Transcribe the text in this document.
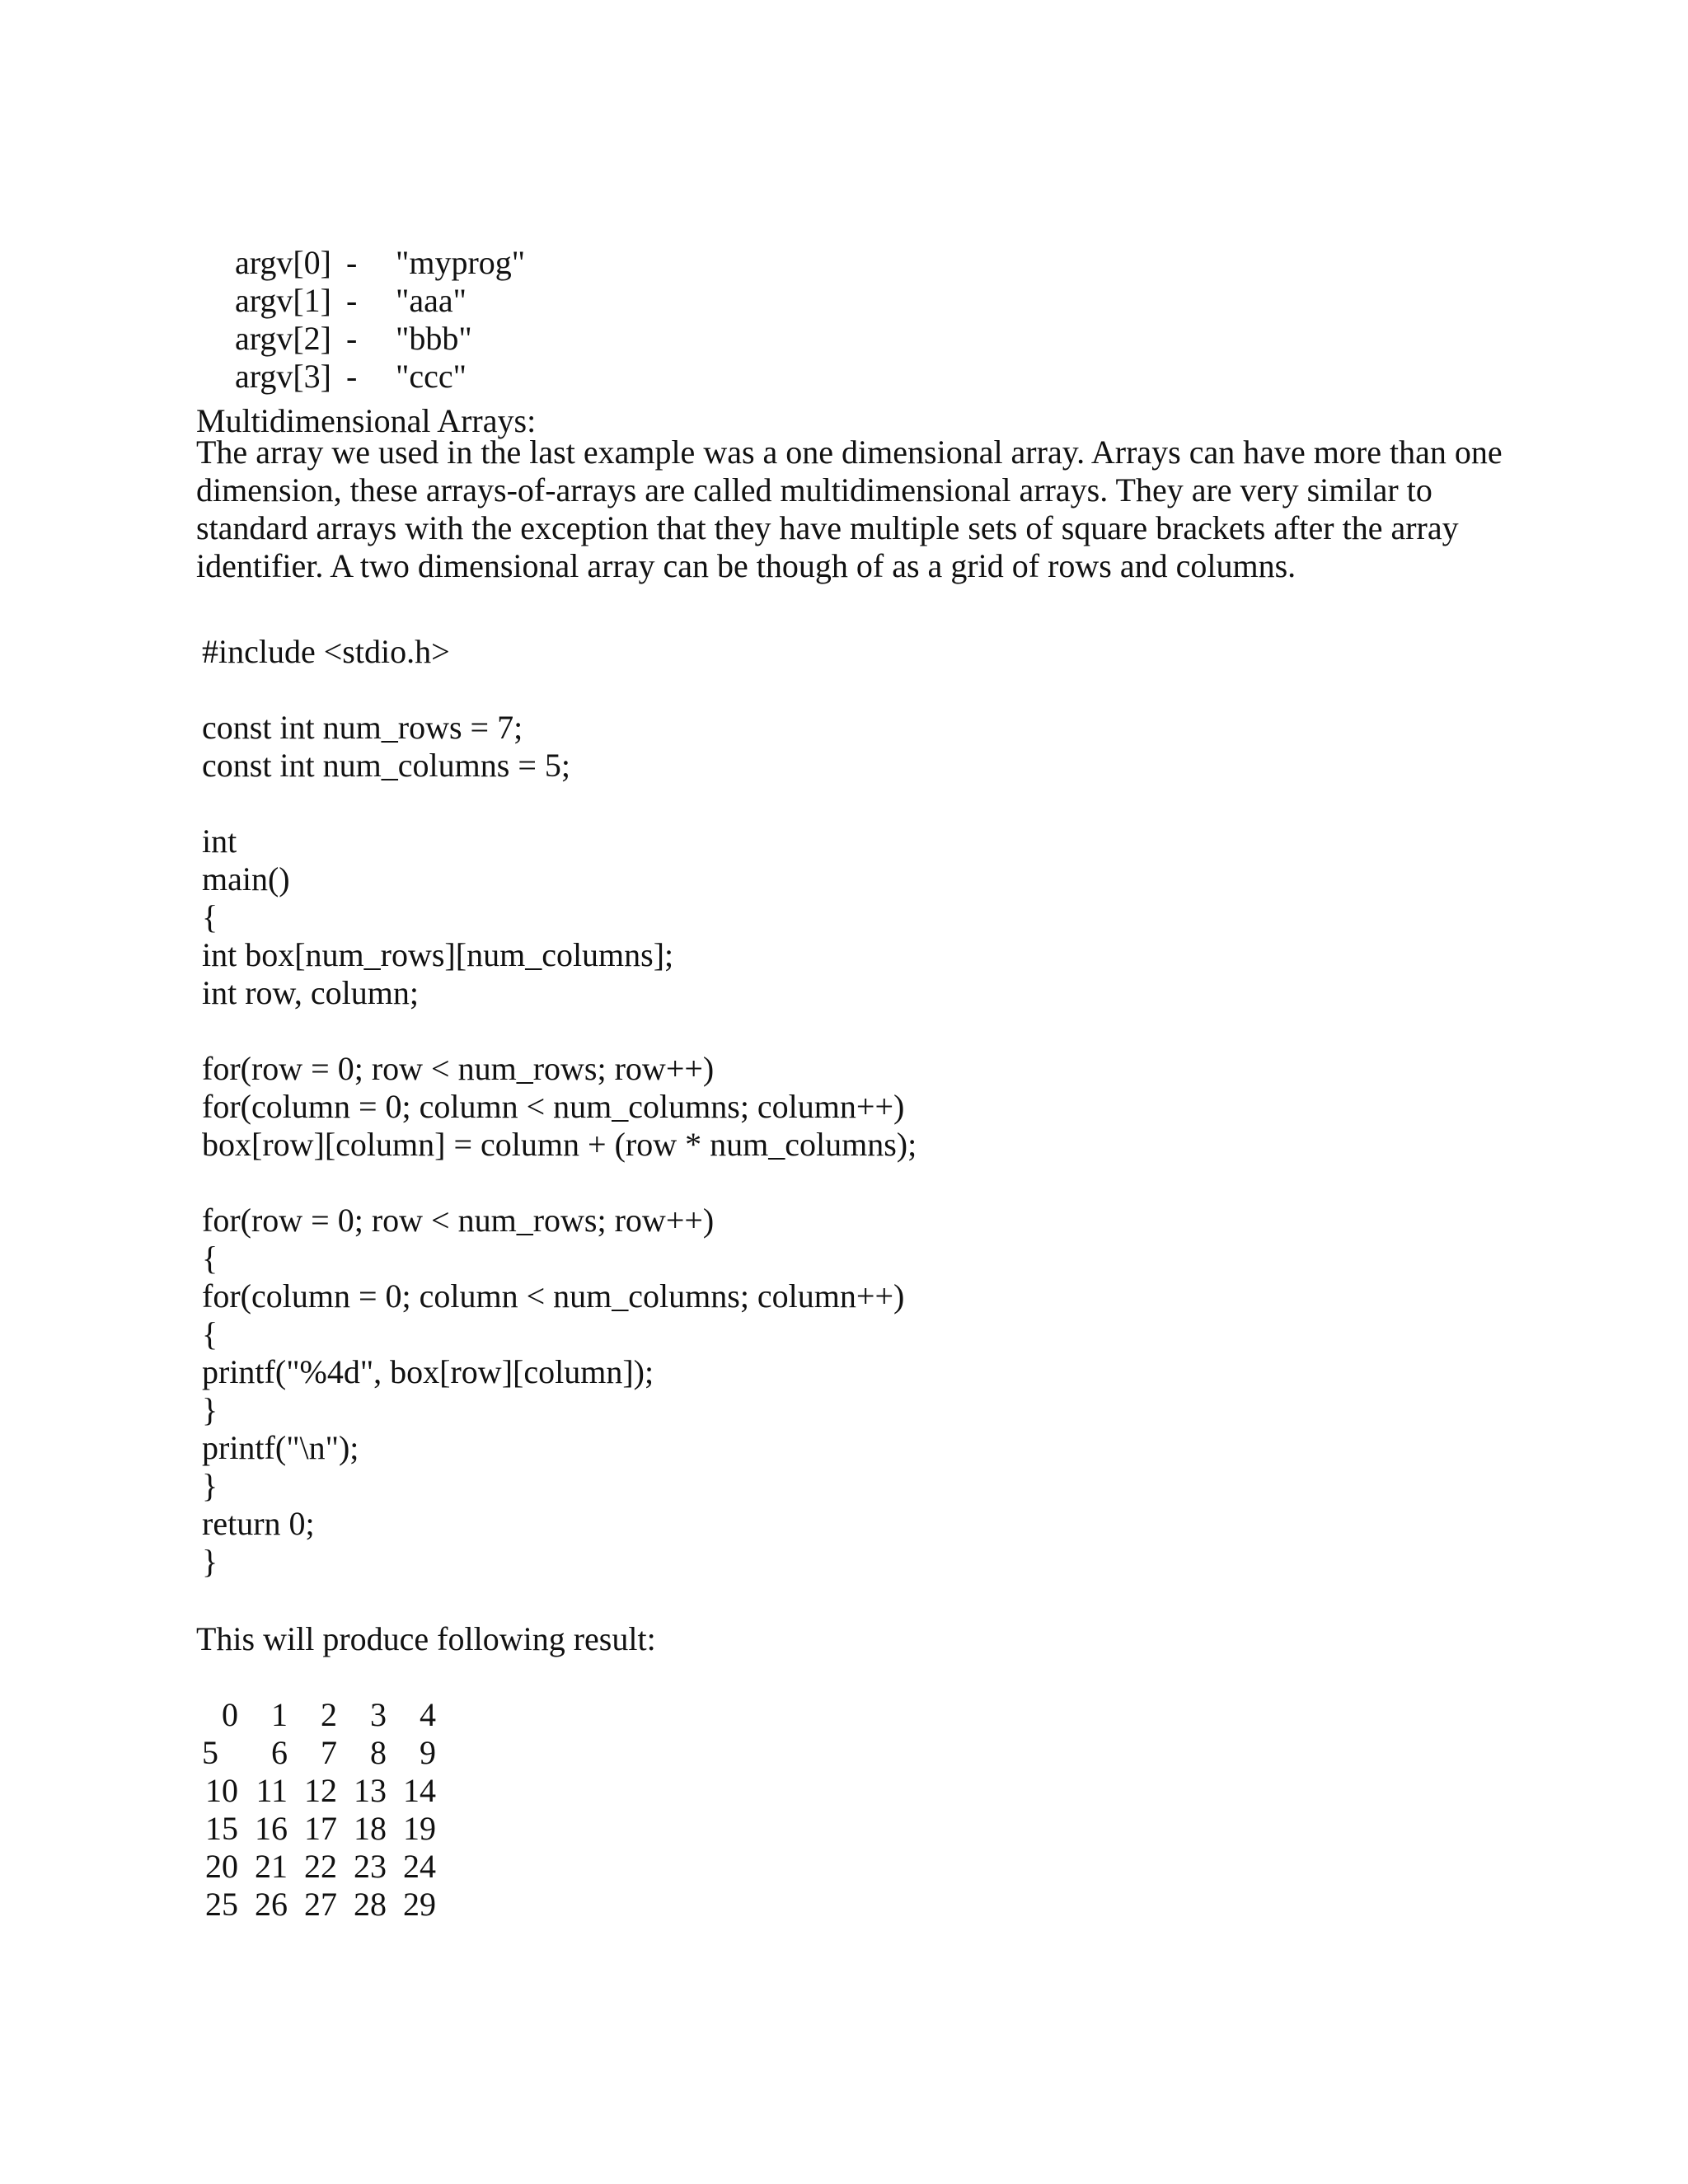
argv[0] - "myprog"

argv[1] - "aaa"

argv[2] - "bbb"

argv[3] - "ccc"

Multidimensional Arrays:

The array we used in the last example was a one dimensional array. Arrays can have more than one
dimension, these arrays-of-arrays are called multidimensional arrays. They are very similar to
standard arrays with the exception that they have multiple sets of square brackets after the array
identifier. A two dimensional array can be though of as a grid of rows and columns.

#include <stdio.h>
const int num_rows = 7;
const int num_columns = 5;
int
main()
{
int box[num_rows][num_columns];
int row, column;
for(row = 0; row < num_rows; row++)
for(column = 0; column < num_columns; column++)
box[row][column] = column + (row * num_columns);
for(row = 0; row < num_rows; row++)
{
for(column = 0; column < num_columns; column++)
{
printf("%4d", box[row][column]);
}
printf("\n");
}
return 0;
}
This will produce following result:
0 1 2 3 4
5 6 7 8 9
10 11 12 13 14
15 16 17 18 19
20 21 22 23 24
25 26 27 28 29
